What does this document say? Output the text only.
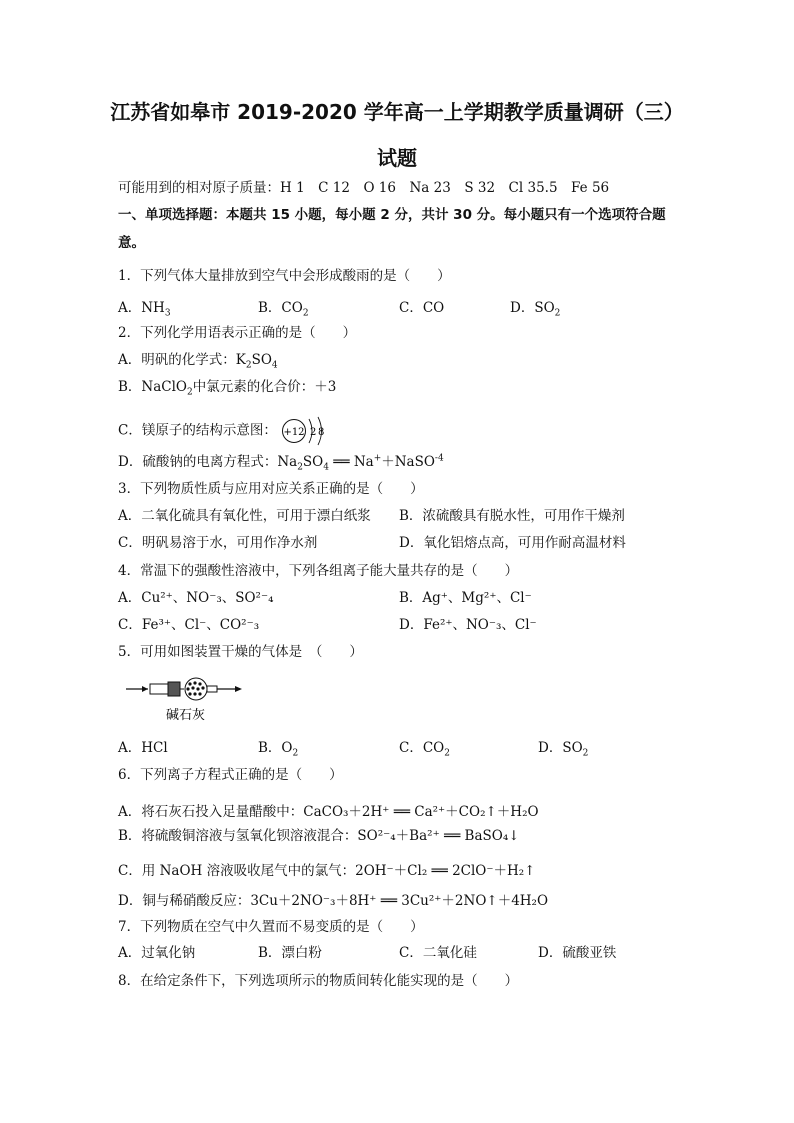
江苏省如皋市 2019-2020 学年高一上学期教学质量调研（三）
试题
可能用到的相对原子质量：H 1　C 12　O 16　Na 23　S 32　Cl 35.5　Fe 56
一、单项选择题：本题共 15 小题，每小题 2 分，共计 30 分。每小题只有一个选项符合题
意。
1．下列气体大量排放到空气中会形成酸雨的是（　　）
A．$NH_3$	B．$CO_2$	C．CO	D．$SO_2$
2．下列化学用语表示正确的是（　　）
A．明矾的化学式：$K_2SO_4$
B．NaClO$_2$中氯元素的化合价：＋3
C．镁原子的结构示意图： +12 2 8
D．硫酸钠的电离方程式：$Na_2SO_4$ ══ Na+＋NaSO$^{-4}$
3．下列物质性质与应用对应关系正确的是（　　）
A．二氧化硫具有氧化性，可用于漂白纸浆 B．浓硫酸具有脱水性，可用作干燥剂
C．明矾易溶于水，可用作净水剂	D．氧化铝熔点高，可用作耐高温材料
4．常温下的强酸性溶液中，下列各组离子能大量共存的是（　　）
A．Cu²⁺、NO⁻₃、SO²⁻₄	B．Ag⁺、Mg²⁺、Cl⁻
C．Fe³⁺、Cl⁻、CO²⁻₃	D．Fe²⁺、NO⁻₃、Cl⁻
5．可用如图装置干燥的气体是　（　　）
碱石灰
A．HCl	B．$O_2$	C．$CO_2$	D．$SO_2$
6．下列离子方程式正确的是（　　）
A．将石灰石投入足量醋酸中：CaCO₃＋2H⁺ ══ Ca²⁺＋CO₂↑＋H₂O
B．将硫酸铜溶液与氢氧化钡溶液混合：SO²⁻₄＋Ba²⁺ ══ BaSO₄↓
C．用 NaOH 溶液吸收尾气中的氯气：2OH⁻＋Cl₂ ══ 2ClO⁻＋H₂↑
D．铜与稀硝酸反应：3Cu＋2NO⁻₃＋8H⁺ ══ 3Cu²⁺＋2NO↑＋4H₂O
7．下列物质在空气中久置而不易变质的是（　　）
A．过氧化钠	B．漂白粉	C．二氧化硅	D．硫酸亚铁
8．在给定条件下，下列选项所示的物质间转化能实现的是（　　）
